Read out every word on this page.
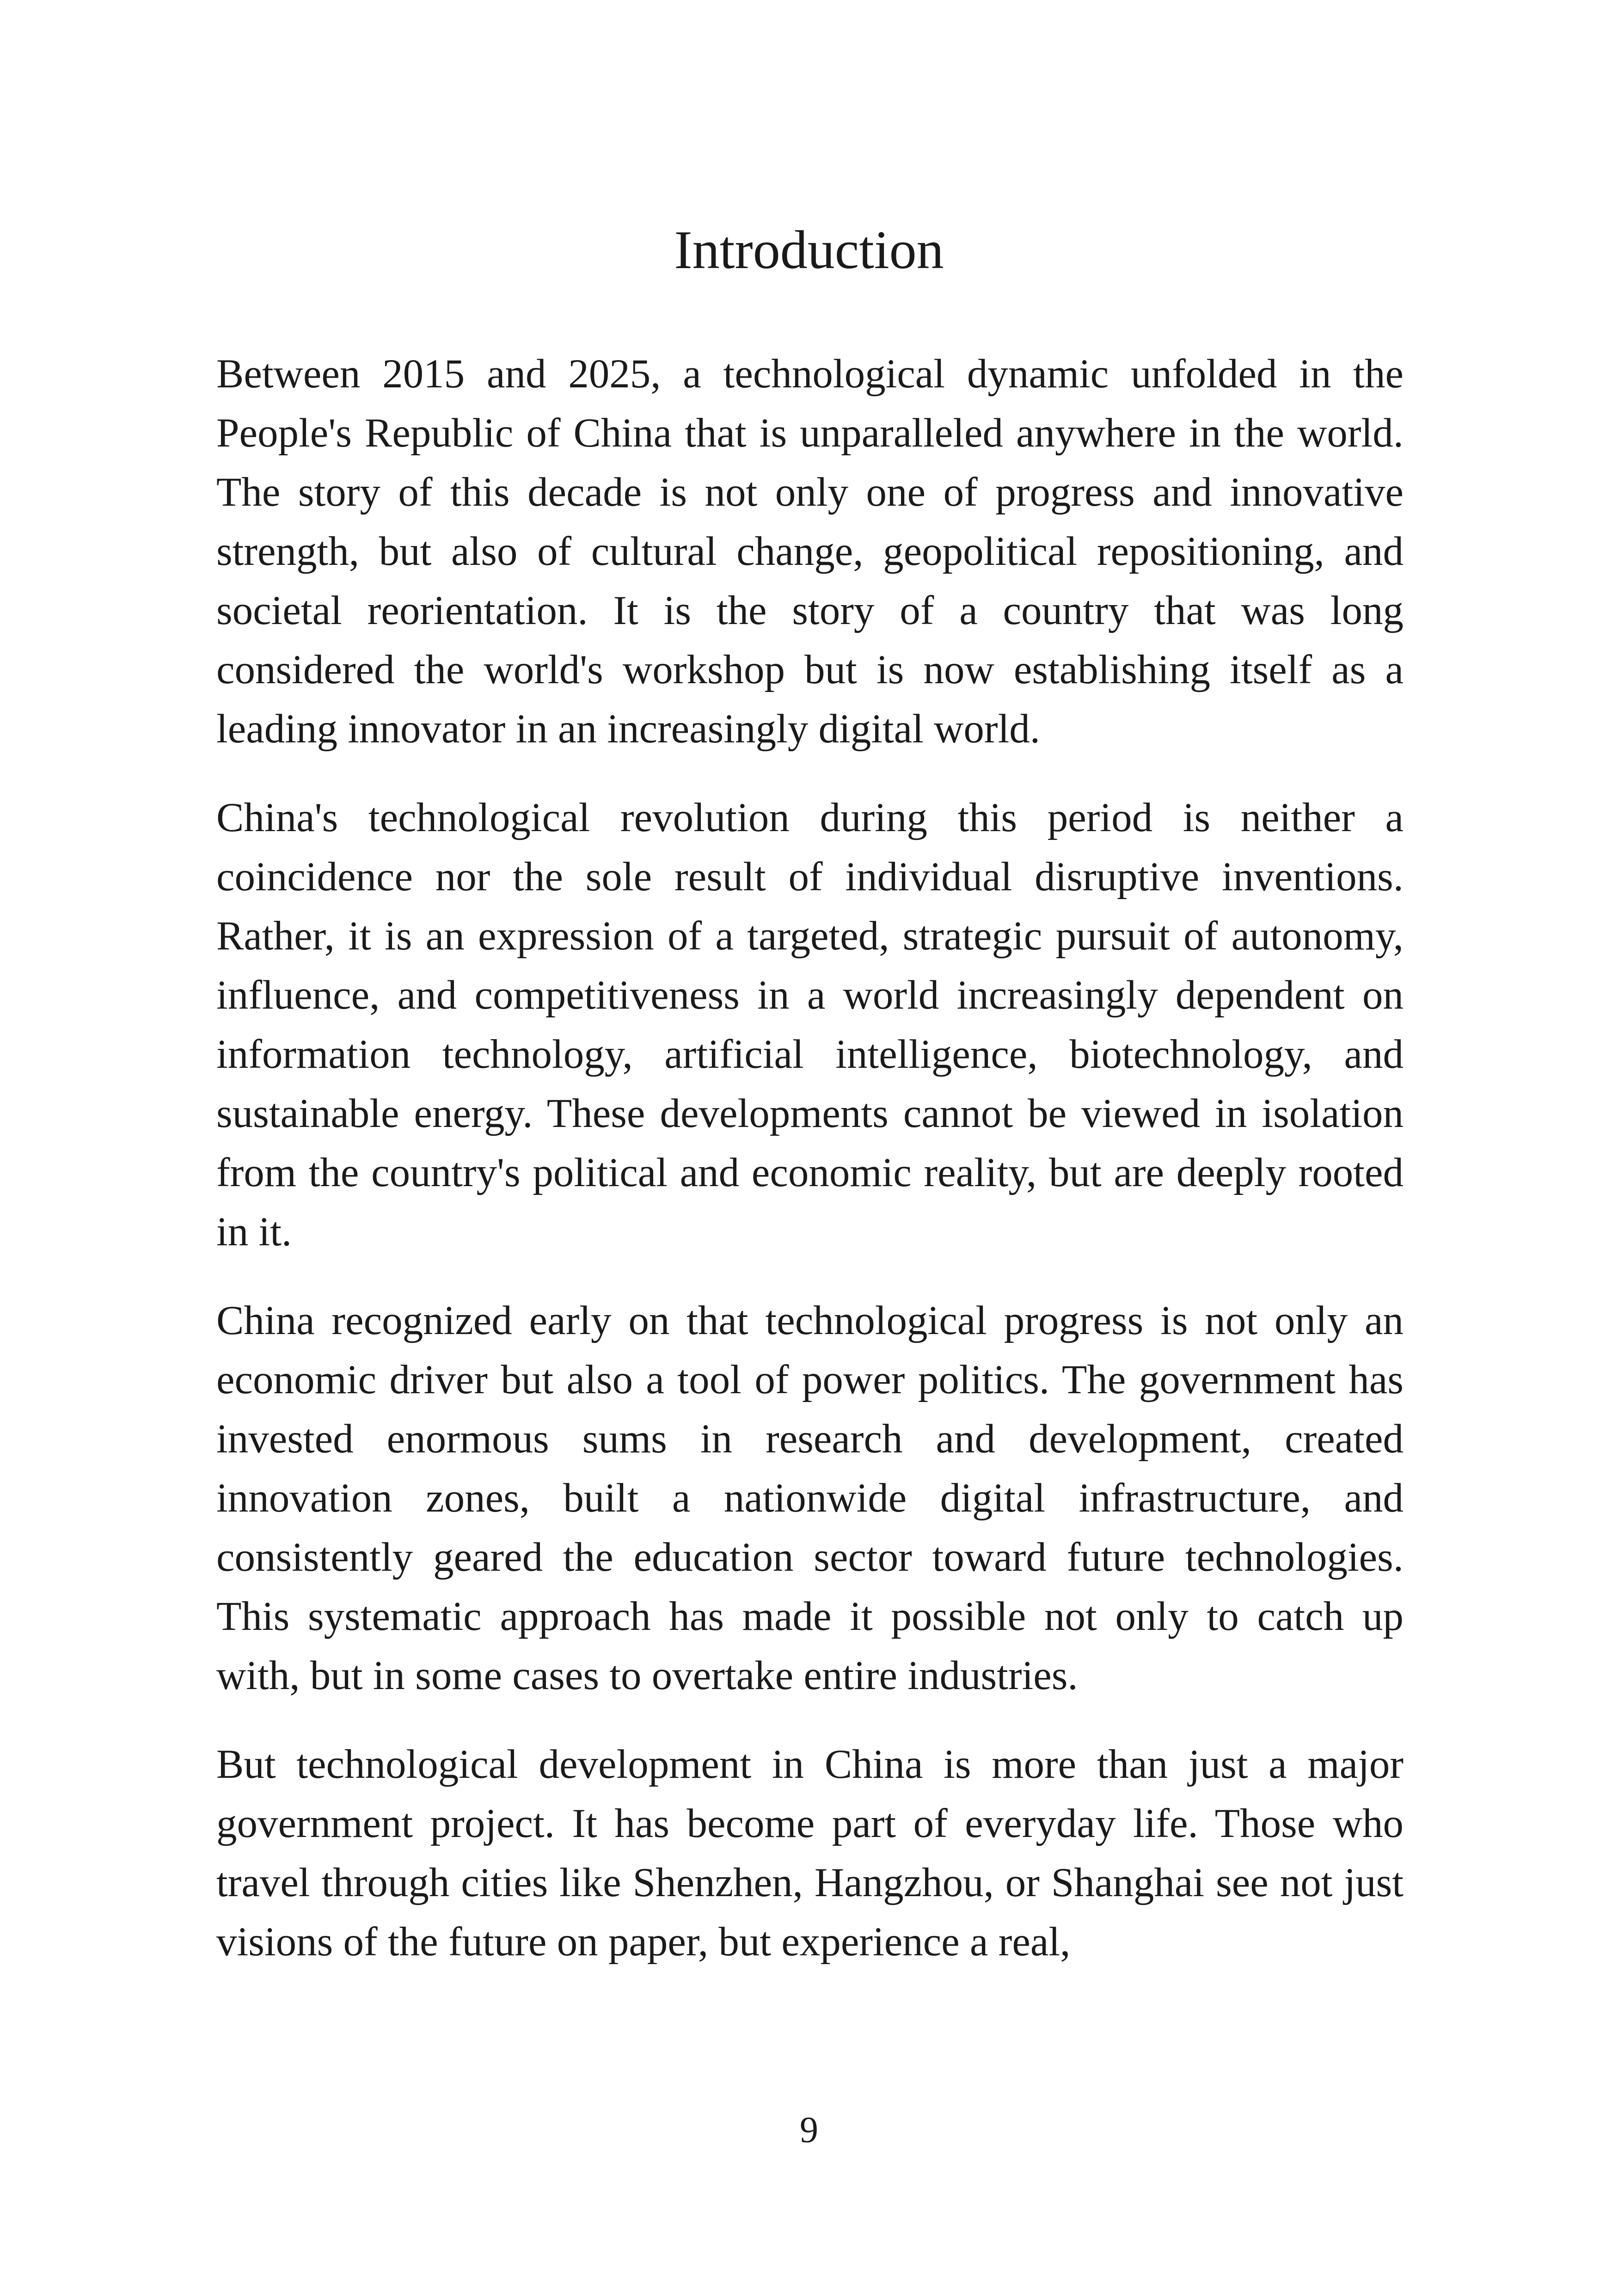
Introduction

Between 2015 and 2025, a technological dynamic unfolded in the People's Republic of China that is unparalleled anywhere in the world. The story of this decade is not only one of progress and innovative strength, but also of cultural change, geopolitical repositioning, and societal reorientation. It is the story of a country that was long considered the world's workshop but is now establishing itself as a leading innovator in an increasingly digital world.

China's technological revolution during this period is neither a coincidence nor the sole result of individual disruptive inventions. Rather, it is an expression of a targeted, strategic pursuit of autonomy, influence, and competitiveness in a world increasingly dependent on information technology, artificial intelligence, biotechnology, and sustainable energy. These developments cannot be viewed in isolation from the country's political and economic reality, but are deeply rooted in it.

China recognized early on that technological progress is not only an economic driver but also a tool of power politics. The government has invested enormous sums in research and development, created innovation zones, built a nationwide digital infrastructure, and consistently geared the education sector toward future technologies. This systematic approach has made it possible not only to catch up with, but in some cases to overtake entire industries.

But technological development in China is more than just a major government project. It has become part of everyday life. Those who travel through cities like Shenzhen, Hangzhou, or Shanghai see not just visions of the future on paper, but experience a real,

9
